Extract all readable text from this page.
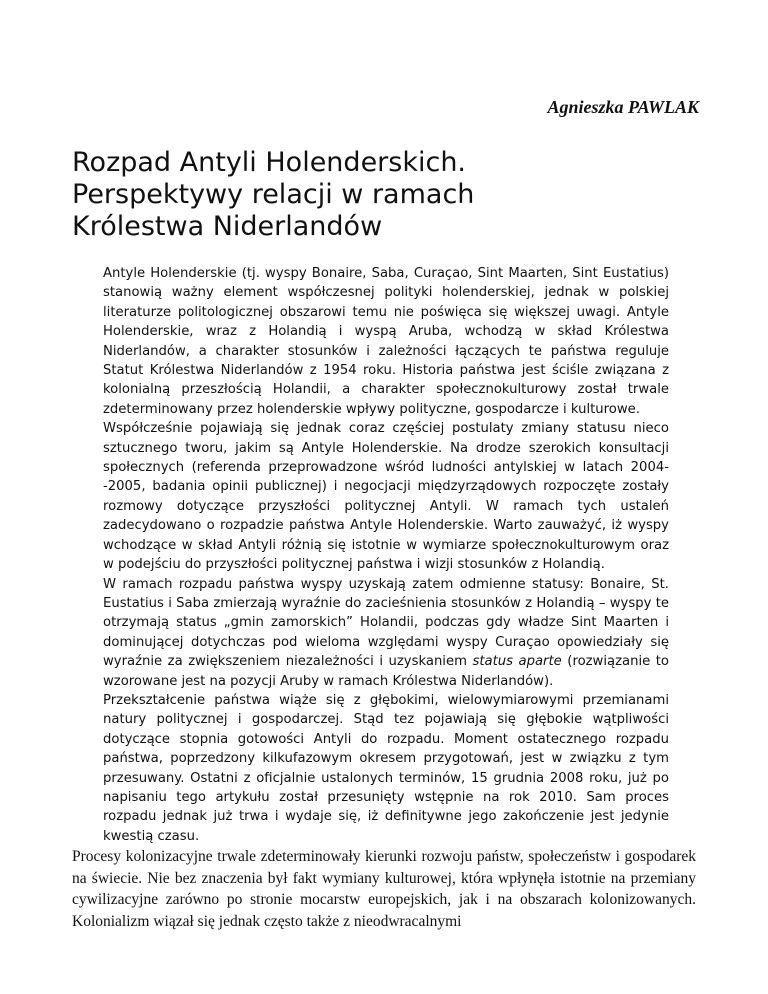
Agnieszka PAWLAK

Rozpad Antyli Holenderskich.
Perspektywy relacji w ramach
Królestwa Niderlandów

Antyle Holenderskie (tj. wyspy Bonaire, Saba, Curaçao, Sint Maarten, Sint Eustatius) stanowią ważny element współczesnej polityki holenderskiej, jednak w polskiej literaturze politologicznej obszarowi temu nie poświęca się większej uwagi. Antyle Holenderskie, wraz z Holandią i wyspą Aruba, wchodzą w skład Królestwa Niderlandów, a charakter stosunków i zależności łączących te państwa reguluje Statut Królestwa Niderlandów z 1954 roku. Historia państwa jest ściśle związana z kolonialną przeszłością Holandii, a charakter społecznokulturowy został trwale zdeterminowany przez holenderskie wpływy polityczne, gospodarcze i kulturowe.

Współcześnie pojawiają się jednak coraz częściej postulaty zmiany statusu nieco sztucznego tworu, jakim są Antyle Holenderskie. Na drodze szerokich konsultacji społecznych (referenda przeprowadzone wśród ludności antylskiej w latach 2004--2005, badania opinii publicznej) i negocjacji międzyrządowych rozpoczęte zostały rozmowy dotyczące przyszłości politycznej Antyli. W ramach tych ustaleń zadecydowano o rozpadzie państwa Antyle Holenderskie. Warto zauważyć, iż wyspy wchodzące w skład Antyli różnią się istotnie w wymiarze społecznokulturowym oraz w podejściu do przyszłości politycznej państwa i wizji stosunków z Holandią.

W ramach rozpadu państwa wyspy uzyskają zatem odmienne statusy: Bonaire, St. Eustatius i Saba zmierzają wyraźnie do zacieśnienia stosunków z Holandią – wyspy te otrzymają status „gmin zamorskich” Holandii, podczas gdy władze Sint Maarten i dominującej dotychczas pod wieloma względami wyspy Curaçao opowiedziały się wyraźnie za zwiększeniem niezależności i uzyskaniem status aparte (rozwiązanie to wzorowane jest na pozycji Aruby w ramach Królestwa Niderlandów).

Przekształcenie państwa wiąże się z głębokimi, wielowymiarowymi przemianami natury politycznej i gospodarczej. Stąd tez pojawiają się głębokie wątpliwości dotyczące stopnia gotowości Antyli do rozpadu. Moment ostatecznego rozpadu państwa, poprzedzony kilkufazowym okresem przygotowań, jest w związku z tym przesuwany. Ostatni z oficjalnie ustalonych terminów, 15 grudnia 2008 roku, już po napisaniu tego artykułu został przesunięty wstępnie na rok 2010. Sam proces rozpadu jednak już trwa i wydaje się, iż definitywne jego zakończenie jest jedynie kwestią czasu.

Procesy kolonizacyjne trwale zdeterminowały kierunki rozwoju państw, społeczeństw i gospodarek na świecie. Nie bez znaczenia był fakt wymiany kulturowej, która wpłynęła istotnie na przemiany cywilizacyjne zarówno po stronie mocarstw europejskich, jak i na obszarach kolonizowanych. Kolonializm wiązał się jednak często także z nieodwracalnymi
